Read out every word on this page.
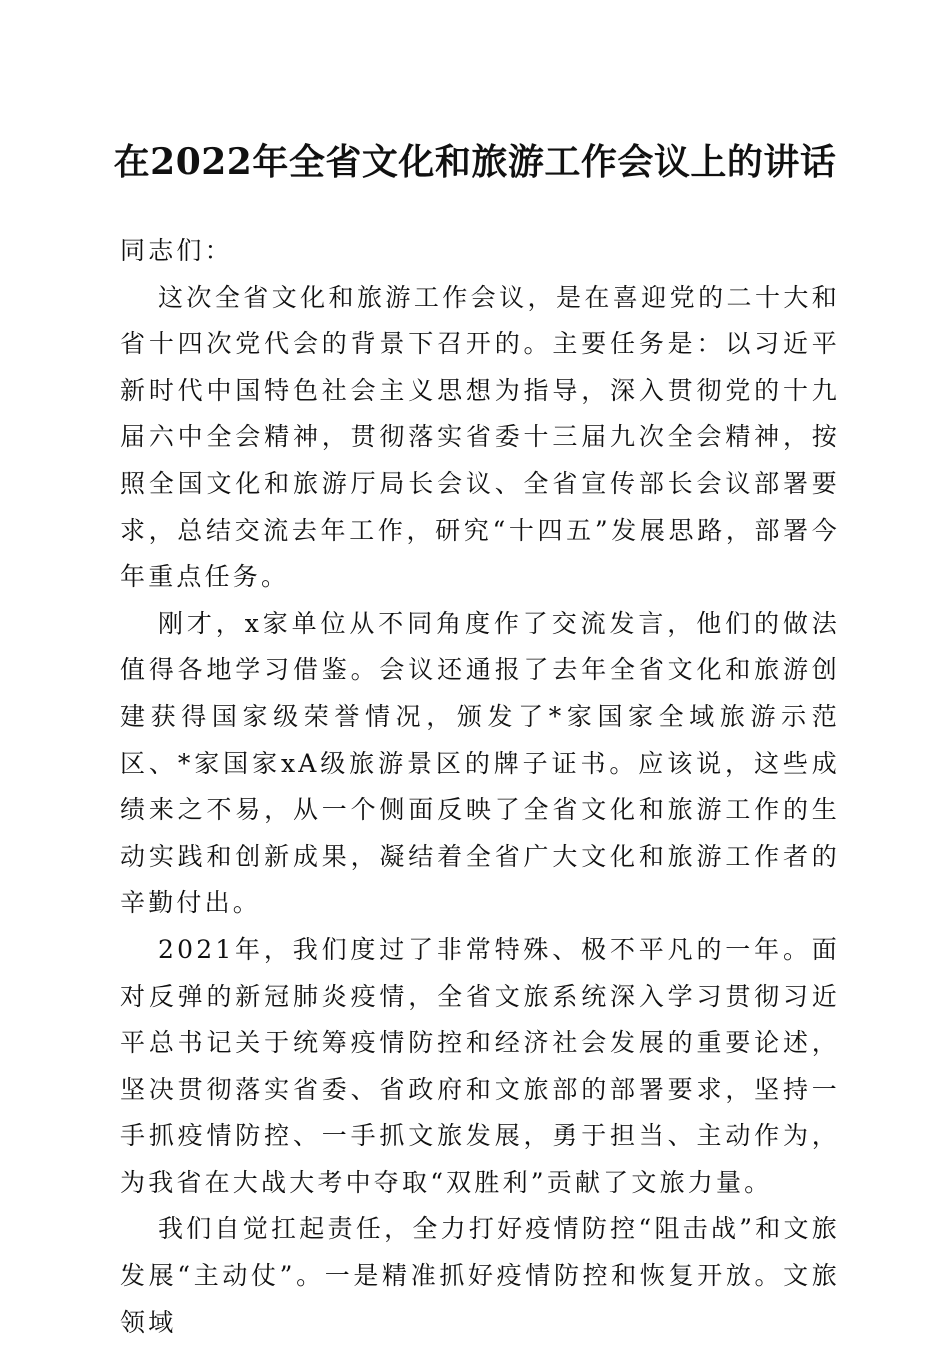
在2022年全省文化和旅游工作会议上的讲话

同志们：

这次全省文化和旅游工作会议，是在喜迎党的二十大和省十四次党代会的背景下召开的。主要任务是：以习近平新时代中国特色社会主义思想为指导，深入贯彻党的十九届六中全会精神，贯彻落实省委十三届九次全会精神，按照全国文化和旅游厅局长会议、全省宣传部长会议部署要求，总结交流去年工作，研究“十四五”发展思路，部署今年重点任务。

刚才，x家单位从不同角度作了交流发言，他们的做法值得各地学习借鉴。会议还通报了去年全省文化和旅游创建获得国家级荣誉情况，颁发了*家国家全域旅游示范区、*家国家xA级旅游景区的牌子证书。应该说，这些成绩来之不易，从一个侧面反映了全省文化和旅游工作的生动实践和创新成果，凝结着全省广大文化和旅游工作者的辛勤付出。

2021年，我们度过了非常特殊、极不平凡的一年。面对反弹的新冠肺炎疫情，全省文旅系统深入学习贯彻习近平总书记关于统筹疫情防控和经济社会发展的重要论述，坚决贯彻落实省委、省政府和文旅部的部署要求，坚持一手抓疫情防控、一手抓文旅发展，勇于担当、主动作为，为我省在大战大考中夺取“双胜利”贡献了文旅力量。

我们自觉扛起责任，全力打好疫情防控“阻击战”和文旅发展“主动仗”。一是精准抓好疫情防控和恢复开放。文旅领域
